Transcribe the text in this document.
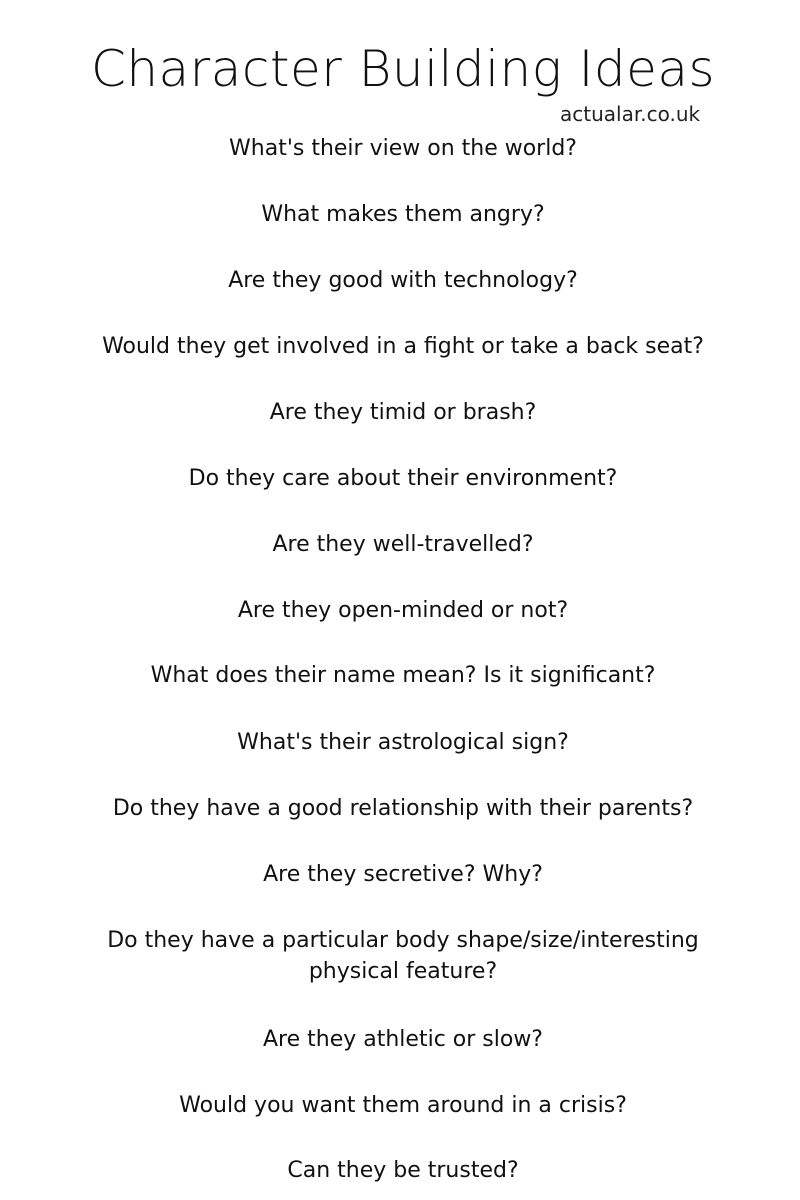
Character Building Ideas
actualar.co.uk
What's their view on the world?
What makes them angry?
Are they good with technology?
Would they get involved in a fight or take a back seat?
Are they timid or brash?
Do they care about their environment?
Are they well-travelled?
Are they open-minded or not?
What does their name mean? Is it significant?
What's their astrological sign?
Do they have a good relationship with their parents?
Are they secretive? Why?
Do they have a particular body shape/size/interesting physical feature?
Are they athletic or slow?
Would you want them around in a crisis?
Can they be trusted?
